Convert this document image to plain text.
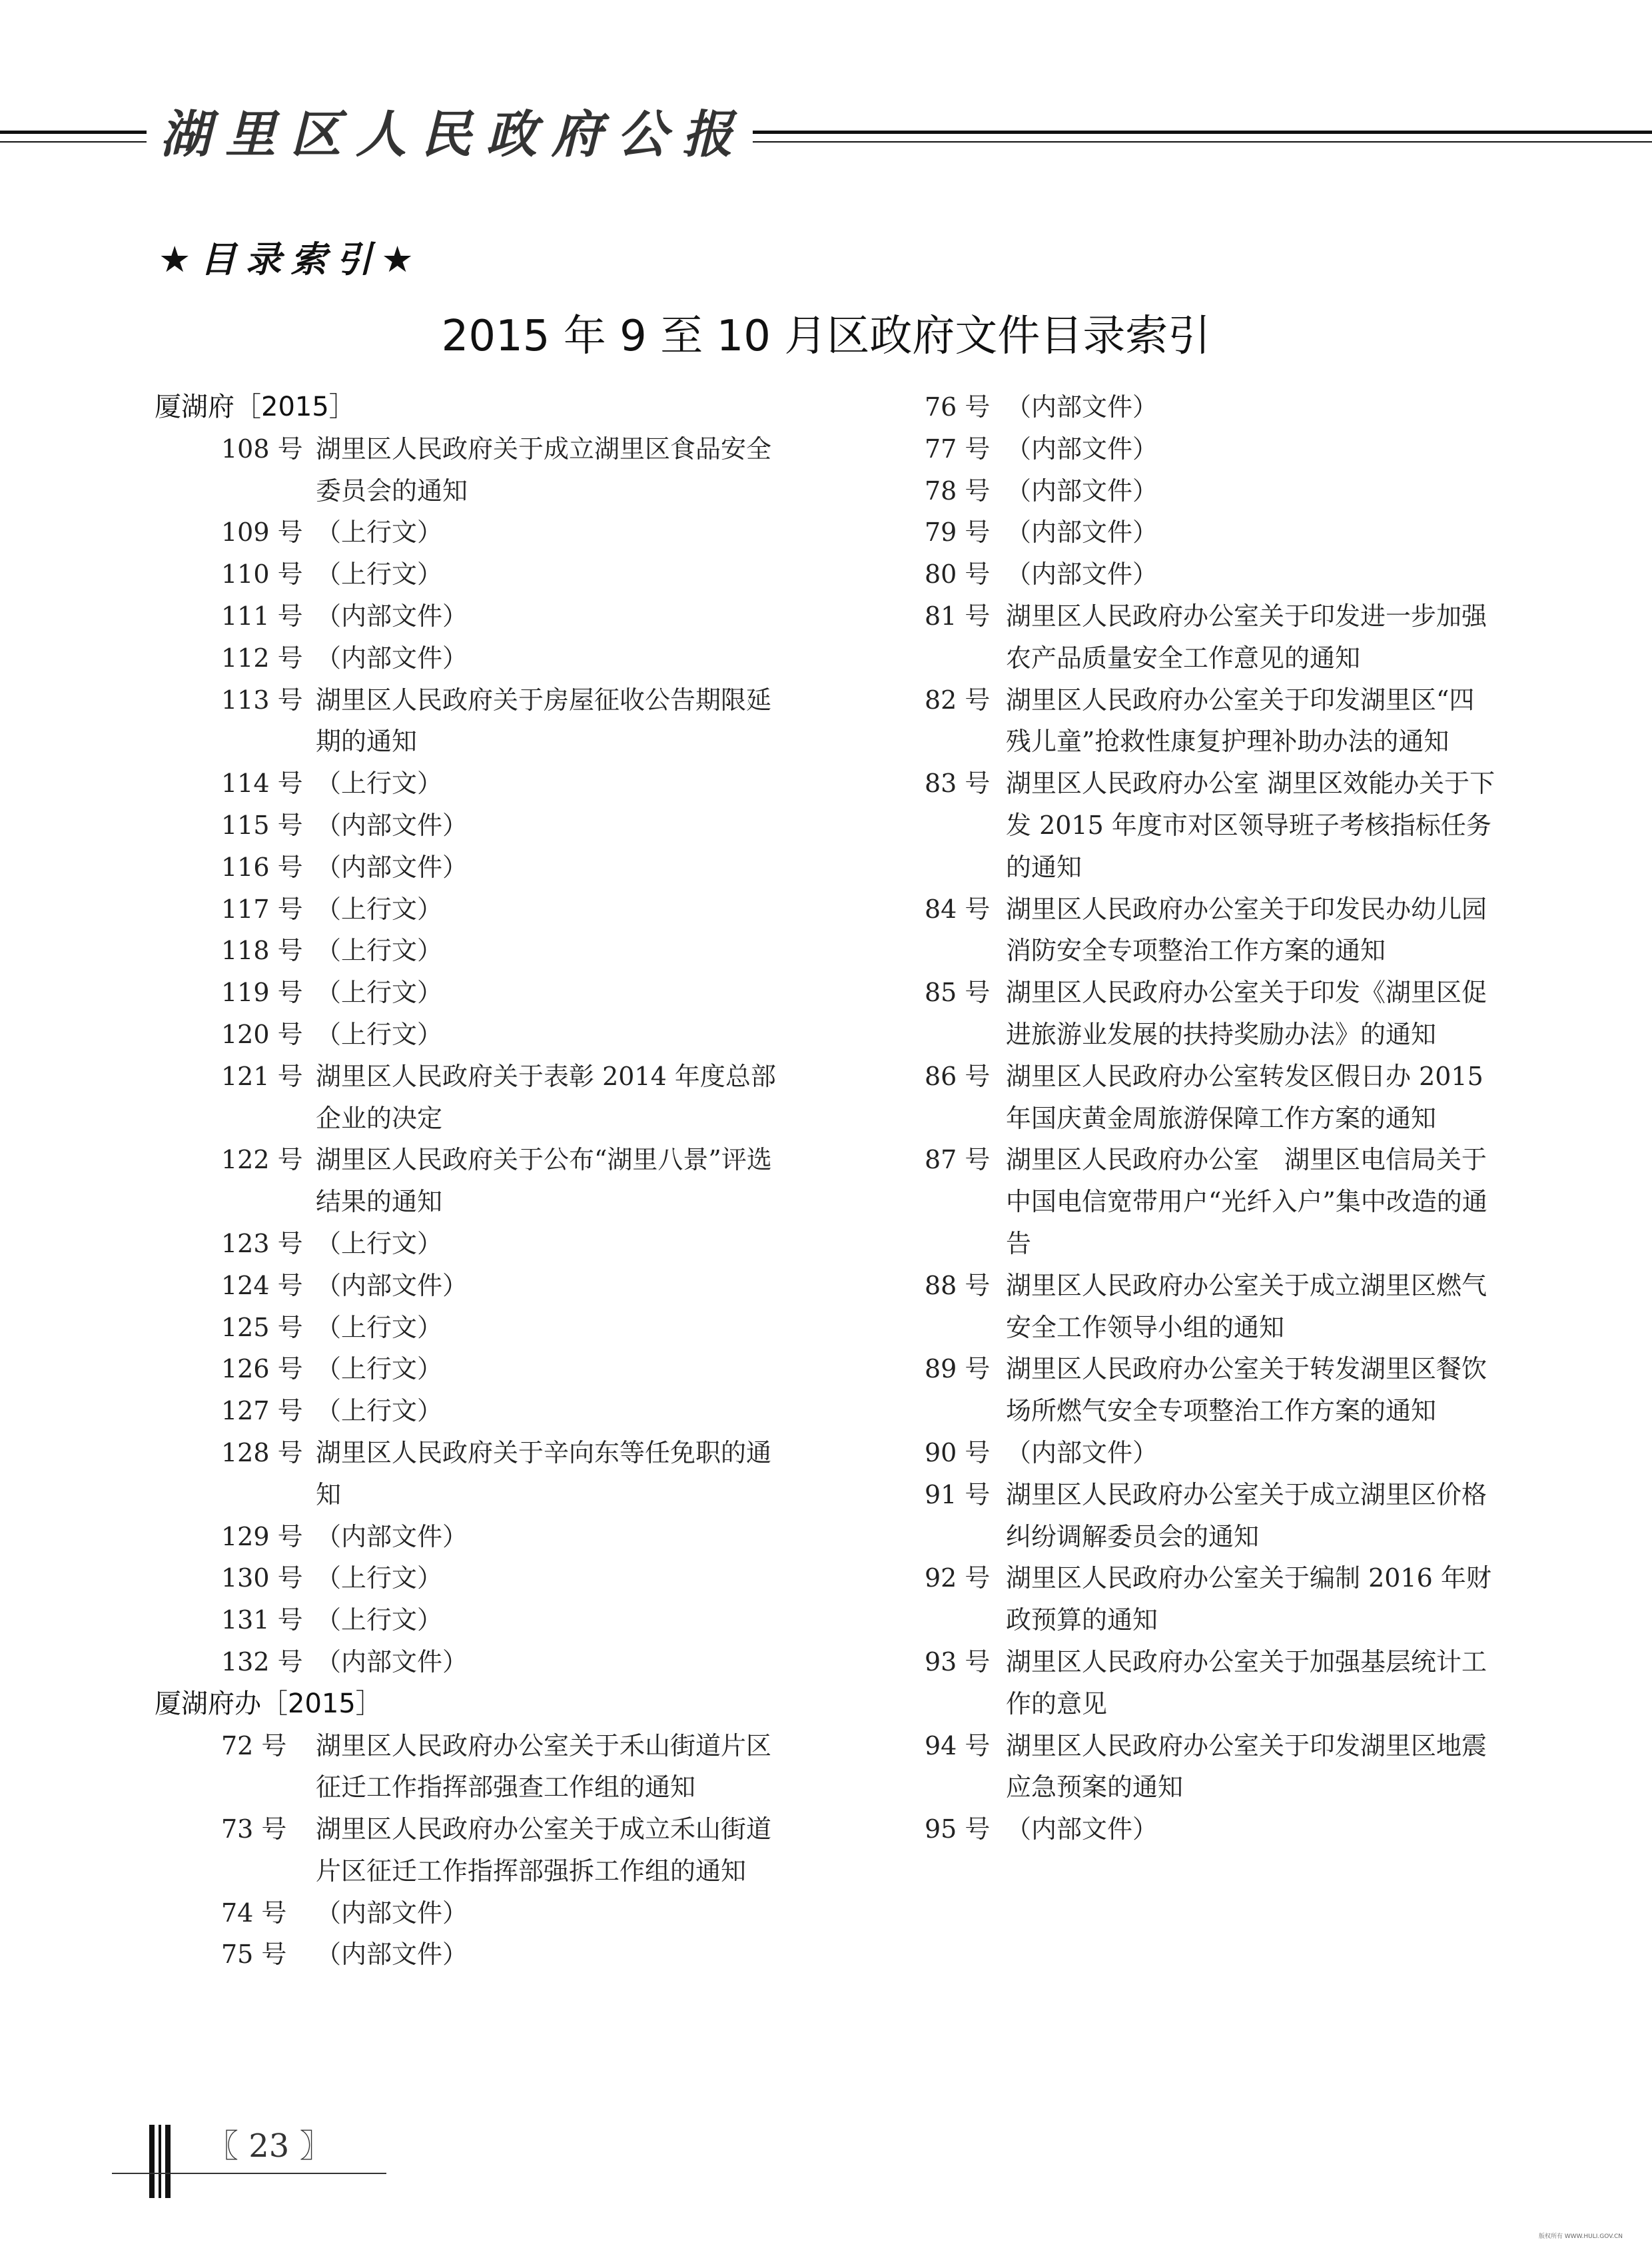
湖里区人民政府公报
★目录索引★
2015 年 9 至 10 月区政府文件目录索引
厦湖府［2015］
108 号 湖里区人民政府关于成立湖里区食品安全委员会的通知
109 号 （上行文）
110 号 （上行文）
111 号 （内部文件）
112 号 （内部文件）
113 号 湖里区人民政府关于房屋征收公告期限延期的通知
114 号 （上行文）
115 号 （内部文件）
116 号 （内部文件）
117 号 （上行文）
118 号 （上行文）
119 号 （上行文）
120 号 （上行文）
121 号 湖里区人民政府关于表彰 2014 年度总部企业的决定
122 号 湖里区人民政府关于公布“湖里八景”评选结果的通知
123 号 （上行文）
124 号 （内部文件）
125 号 （上行文）
126 号 （上行文）
127 号 （上行文）
128 号 湖里区人民政府关于辛向东等任免职的通知
129 号 （内部文件）
130 号 （上行文）
131 号 （上行文）
132 号 （内部文件）
厦湖府办［2015］
72 号	湖里区人民政府办公室关于禾山街道片区征迁工作指挥部强查工作组的通知
73 号	湖里区人民政府办公室关于成立禾山街道片区征迁工作指挥部强拆工作组的通知
74 号	（内部文件）
75 号	（内部文件）
76 号 （内部文件）
77 号 （内部文件）
78 号 （内部文件）
79 号 （内部文件）
80 号 （内部文件）
81 号 湖里区人民政府办公室关于印发进一步加强农产品质量安全工作意见的通知
82 号 湖里区人民政府办公室关于印发湖里区“四残儿童”抢救性康复护理补助办法的通知
83 号 湖里区人民政府办公室 湖里区效能办关于下发 2015 年度市对区领导班子考核指标任务的通知
84 号 湖里区人民政府办公室关于印发民办幼儿园消防安全专项整治工作方案的通知
85 号 湖里区人民政府办公室关于印发《湖里区促进旅游业发展的扶持奖励办法》的通知
86 号 湖里区人民政府办公室转发区假日办 2015 年国庆黄金周旅游保障工作方案的通知
87 号 湖里区人民政府办公室　湖里区电信局关于中国电信宽带用户“光纤入户”集中改造的通告
88 号 湖里区人民政府办公室关于成立湖里区燃气安全工作领导小组的通知
89 号 湖里区人民政府办公室关于转发湖里区餐饮场所燃气安全专项整治工作方案的通知
90 号 （内部文件）
91 号 湖里区人民政府办公室关于成立湖里区价格纠纷调解委员会的通知
92 号 湖里区人民政府办公室关于编制 2016 年财政预算的通知
93 号 湖里区人民政府办公室关于加强基层统计工作的意见
94 号 湖里区人民政府办公室关于印发湖里区地震应急预案的通知
95 号 （内部文件）
〖 23 〗
版权所有 WWW.HULI.GOV.CN
